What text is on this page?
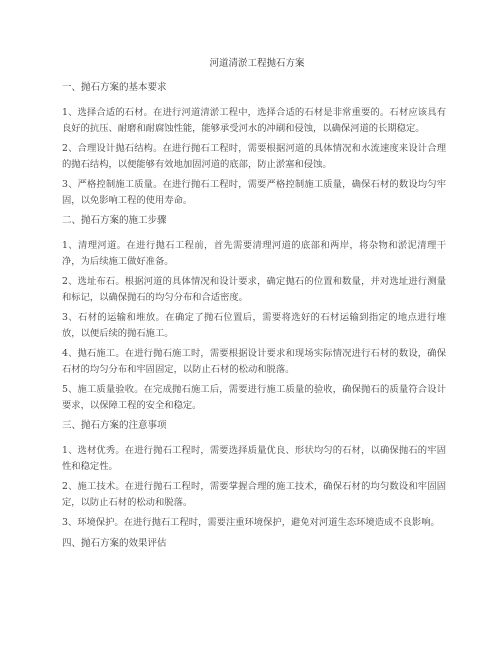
河道清淤工程抛石方案
一、抛石方案的基本要求

1、选择合适的石材。在进行河道清淤工程中，选择合适的石材是非常重要的。石材应该具有良好的抗压、耐磨和耐腐蚀性能，能够承受河水的冲刷和侵蚀，以确保河道的长期稳定。

2、合理设计抛石结构。在进行抛石工程时，需要根据河道的具体情况和水流速度来设计合理的抛石结构，以便能够有效地加固河道的底部，防止淤塞和侵蚀。

3、严格控制施工质量。在进行抛石工程时，需要严格控制施工质量，确保石材的数设均匀牢固，以免影响工程的使用寿命。

二、抛石方案的施工步骤

1、清理河道。在进行抛石工程前，首先需要清理河道的底部和两岸，将杂物和淤泥清理干净，为后续施工做好准备。

2、选址布石。根据河道的具体情况和设计要求，确定抛石的位置和数量，并对选址进行测量和标记，以确保抛石的均匀分布和合适密度。

3、石材的运输和堆放。在确定了抛石位置后，需要将选好的石材运输到指定的地点进行堆放，以便后续的抛石施工。

4、抛石施工。在进行抛石施工时，需要根据设计要求和现场实际情况进行石材的数设，确保石材的均匀分布和牢固固定，以防止石材的松动和脱落。

5、施工质量验收。在完成抛石施工后，需要进行施工质量的验收，确保抛石的质量符合设计要求，以保障工程的安全和稳定。

三、抛石方案的注意事项

1、选材优秀。在进行抛石工程时，需要选择质量优良、形状均匀的石材，以确保抛石的牢固性和稳定性。

2、施工技术。在进行抛石工程时，需要掌握合理的施工技术，确保石材的均匀数设和牢固固定，以防止石材的松动和脱落。

3、环境保护。在进行抛石工程时，需要注重环境保护，避免对河道生态环境造成不良影响。

四、抛石方案的效果评估
